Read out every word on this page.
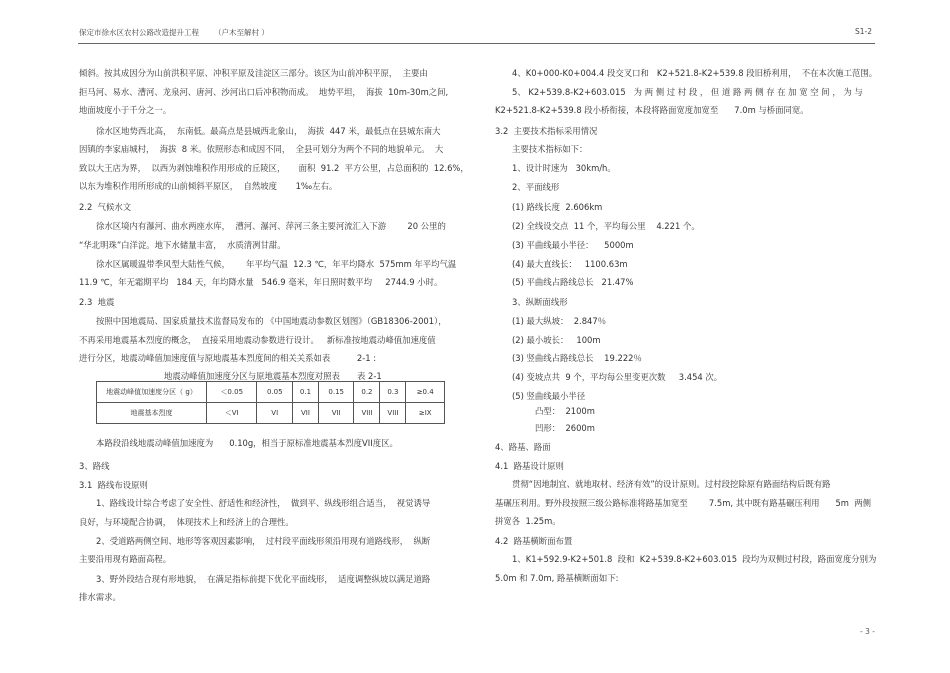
保定市徐水区农村公路改造提升工程 （户木至解村 ）	S1-2
倾斜。按其成因分为山前洪积平原、冲积平原及洼淀区三部分。该区为山前冲积平原，  主要由
拒马河、易水、漕河、龙泉河、唐河、沙河出口后冲积物而成。  地势平坦，  海拔  10m-30m之间,
地面坡度小于千分之一。
徐水区地势西北高，  东南低。最高点是县城西北象山，  海拔  447 米，最低点在县城东南大
因镇的李家庙城村，  海拔  8 米。依照形态和成因不同，  全县可划分为两个不同的地貌单元。  大
致以大王店为界，  以西为剥蚀堆积作用形成的丘陵区，     面积  91.2  平方公里，占总面积的  12.6%，
以东为堆积作用所形成的山前倾斜平原区，  自然坡度       1‰左右。
2.2  气候水文
徐水区境内有瀑河、曲水两座水库，  漕河、瀑河、萍河三条主要河流汇入下游        20 公里的
“华北明珠”白洋淀。地下水储量丰富，  水质清冽甘甜。
徐水区属暖温带季风型大陆性气候，      年平均气温  12.3 ℃，年平均降水  575mm 年平均气温
11.9 ℃，年无霜期平均   184 天，年均降水量   546.9 毫米，年日照时数平均     2744.9 小时。
2.3  地震
按照中国地震局、国家质量技术监督局发布的 《中国地震动参数区划图》（GB18306-2001），
不再采用地震基本烈度的概念，  直接采用地震动参数进行设计。   新标准按地震动峰值加速度值
进行分区，地震动峰值加速度值与原地震基本烈度间的相关关系如表          2-1 :
地震动峰值加速度分区与原地震基本烈度对照表 表 2-1
地震动峰值加速度分区（ g）	＜0.05	0.05	0.1	0.15	0.2	0.3	≥0.4
地震基本烈度	＜VI	VI	VII	VII	VIII	VIII	≥IX
本路段沿线地震动峰值加速度为      0.10g，相当于原标准地震基本烈度VII度区。
3、路线
3.1  路线布设原则
1、路线设计综合考虑了安全性、舒适性和经济性，  做到平、纵线形组合适当，  视觉诱导
良好，与环境配合协调，  体现技术上和经济上的合理性。
2、受道路两侧空间、地形等客观因素影响，  过村段平面线形须沿用现有道路线形，  纵断
主要沿用现有路面高程。
3、野外段结合现有形地貌，  在满足指标前提下优化平面线形，  适度调整纵坡以满足道路
排水需求。
4、K0+000-K0+004.4 段交叉口和   K2+521.8-K2+539.8 段旧桥利用，  不在本次施工范围。
5、 K2+539.8-K2+603.015   为 两 侧 过 村 段 ， 但 道 路 两 侧 存 在 加 宽 空 间 ， 为 与
K2+521.8-K2+539.8 段小桥衔接，本段将路面宽度加宽至      7.0m 与桥面同宽。
3.2  主要技术指标采用情况
主要技术指标如下：
1、设计时速为   30km/h。
2、平面线形
(1) 路线长度  2.606km
(2) 全线设交点  11 个，平均每公里    4.221 个。
(3) 平曲线最小半径：    5000m
(4) 最大直线长：   1100.63m
(5) 平曲线占路线总长   21.47%
3、纵断面线形
(1) 最大纵坡：  2.847％
(2) 最小坡长：   100m
(3) 竖曲线占路线总长    19.222％
(4) 变坡点共  9 个，平均每公里变更次数     3.454 次。
(5) 竖曲线最小半径
凸型：  2100m
凹形：  2600m
4、路基、路面
4.1  路基设计原则
贯彻“因地制宜、就地取材、经济有效”的设计原则。过村段挖除原有路面结构后既有路
基碾压利用。野外段按照三级公路标准将路基加宽至        7.5m, 其中既有路基碾压利用      5m  两侧
拼宽各  1.25m。
4.2  路基横断面布置
1、K1+592.9-K2+501.8  段和  K2+539.8-K2+603.015  段均为双侧过村段，路面宽度分别为
5.0m 和 7.0m, 路基横断面如下:
- 3 -
